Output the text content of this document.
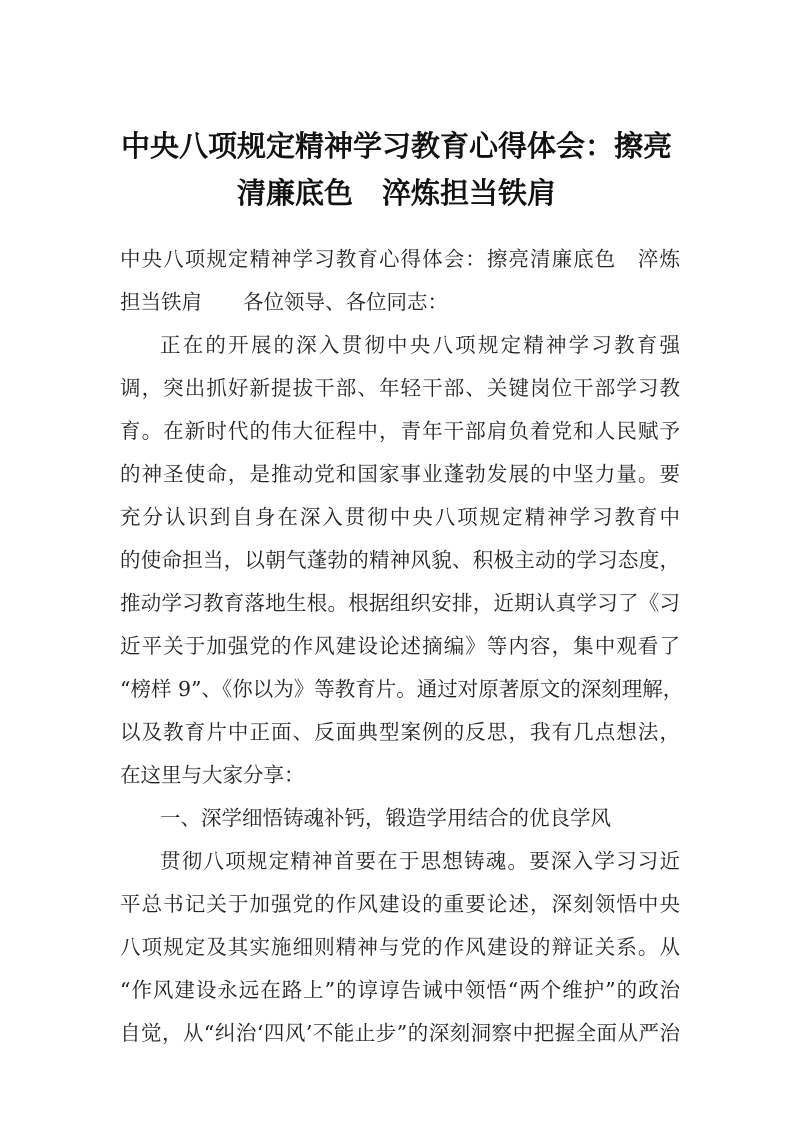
中央八项规定精神学习教育心得体会：擦亮
清廉底色　淬炼担当铁肩
中央八项规定精神学习教育心得体会：擦亮清廉底色　淬炼
担当铁肩　　各位领导、各位同志：
正在的开展的深入贯彻中央八项规定精神学习教育强
调，突出抓好新提拔干部、年轻干部、关键岗位干部学习教
育。在新时代的伟大征程中，青年干部肩负着党和人民赋予
的神圣使命，是推动党和国家事业蓬勃发展的中坚力量。要
充分认识到自身在深入贯彻中央八项规定精神学习教育中
的使命担当，以朝气蓬勃的精神风貌、积极主动的学习态度，
推动学习教育落地生根。根据组织安排，近期认真学习了《习
近平关于加强党的作风建设论述摘编》等内容，集中观看了
“榜样 9”、《你以为》等教育片。通过对原著原文的深刻理解，
以及教育片中正面、反面典型案例的反思，我有几点想法，
在这里与大家分享：
一、深学细悟铸魂补钙，锻造学用结合的优良学风
贯彻八项规定精神首要在于思想铸魂。要深入学习习近
平总书记关于加强党的作风建设的重要论述，深刻领悟中央
八项规定及其实施细则精神与党的作风建设的辩证关系。从
“作风建设永远在路上”的谆谆告诫中领悟“两个维护”的政治
自觉，从“纠治‘四风’不能止步”的深刻洞察中把握全面从严治
